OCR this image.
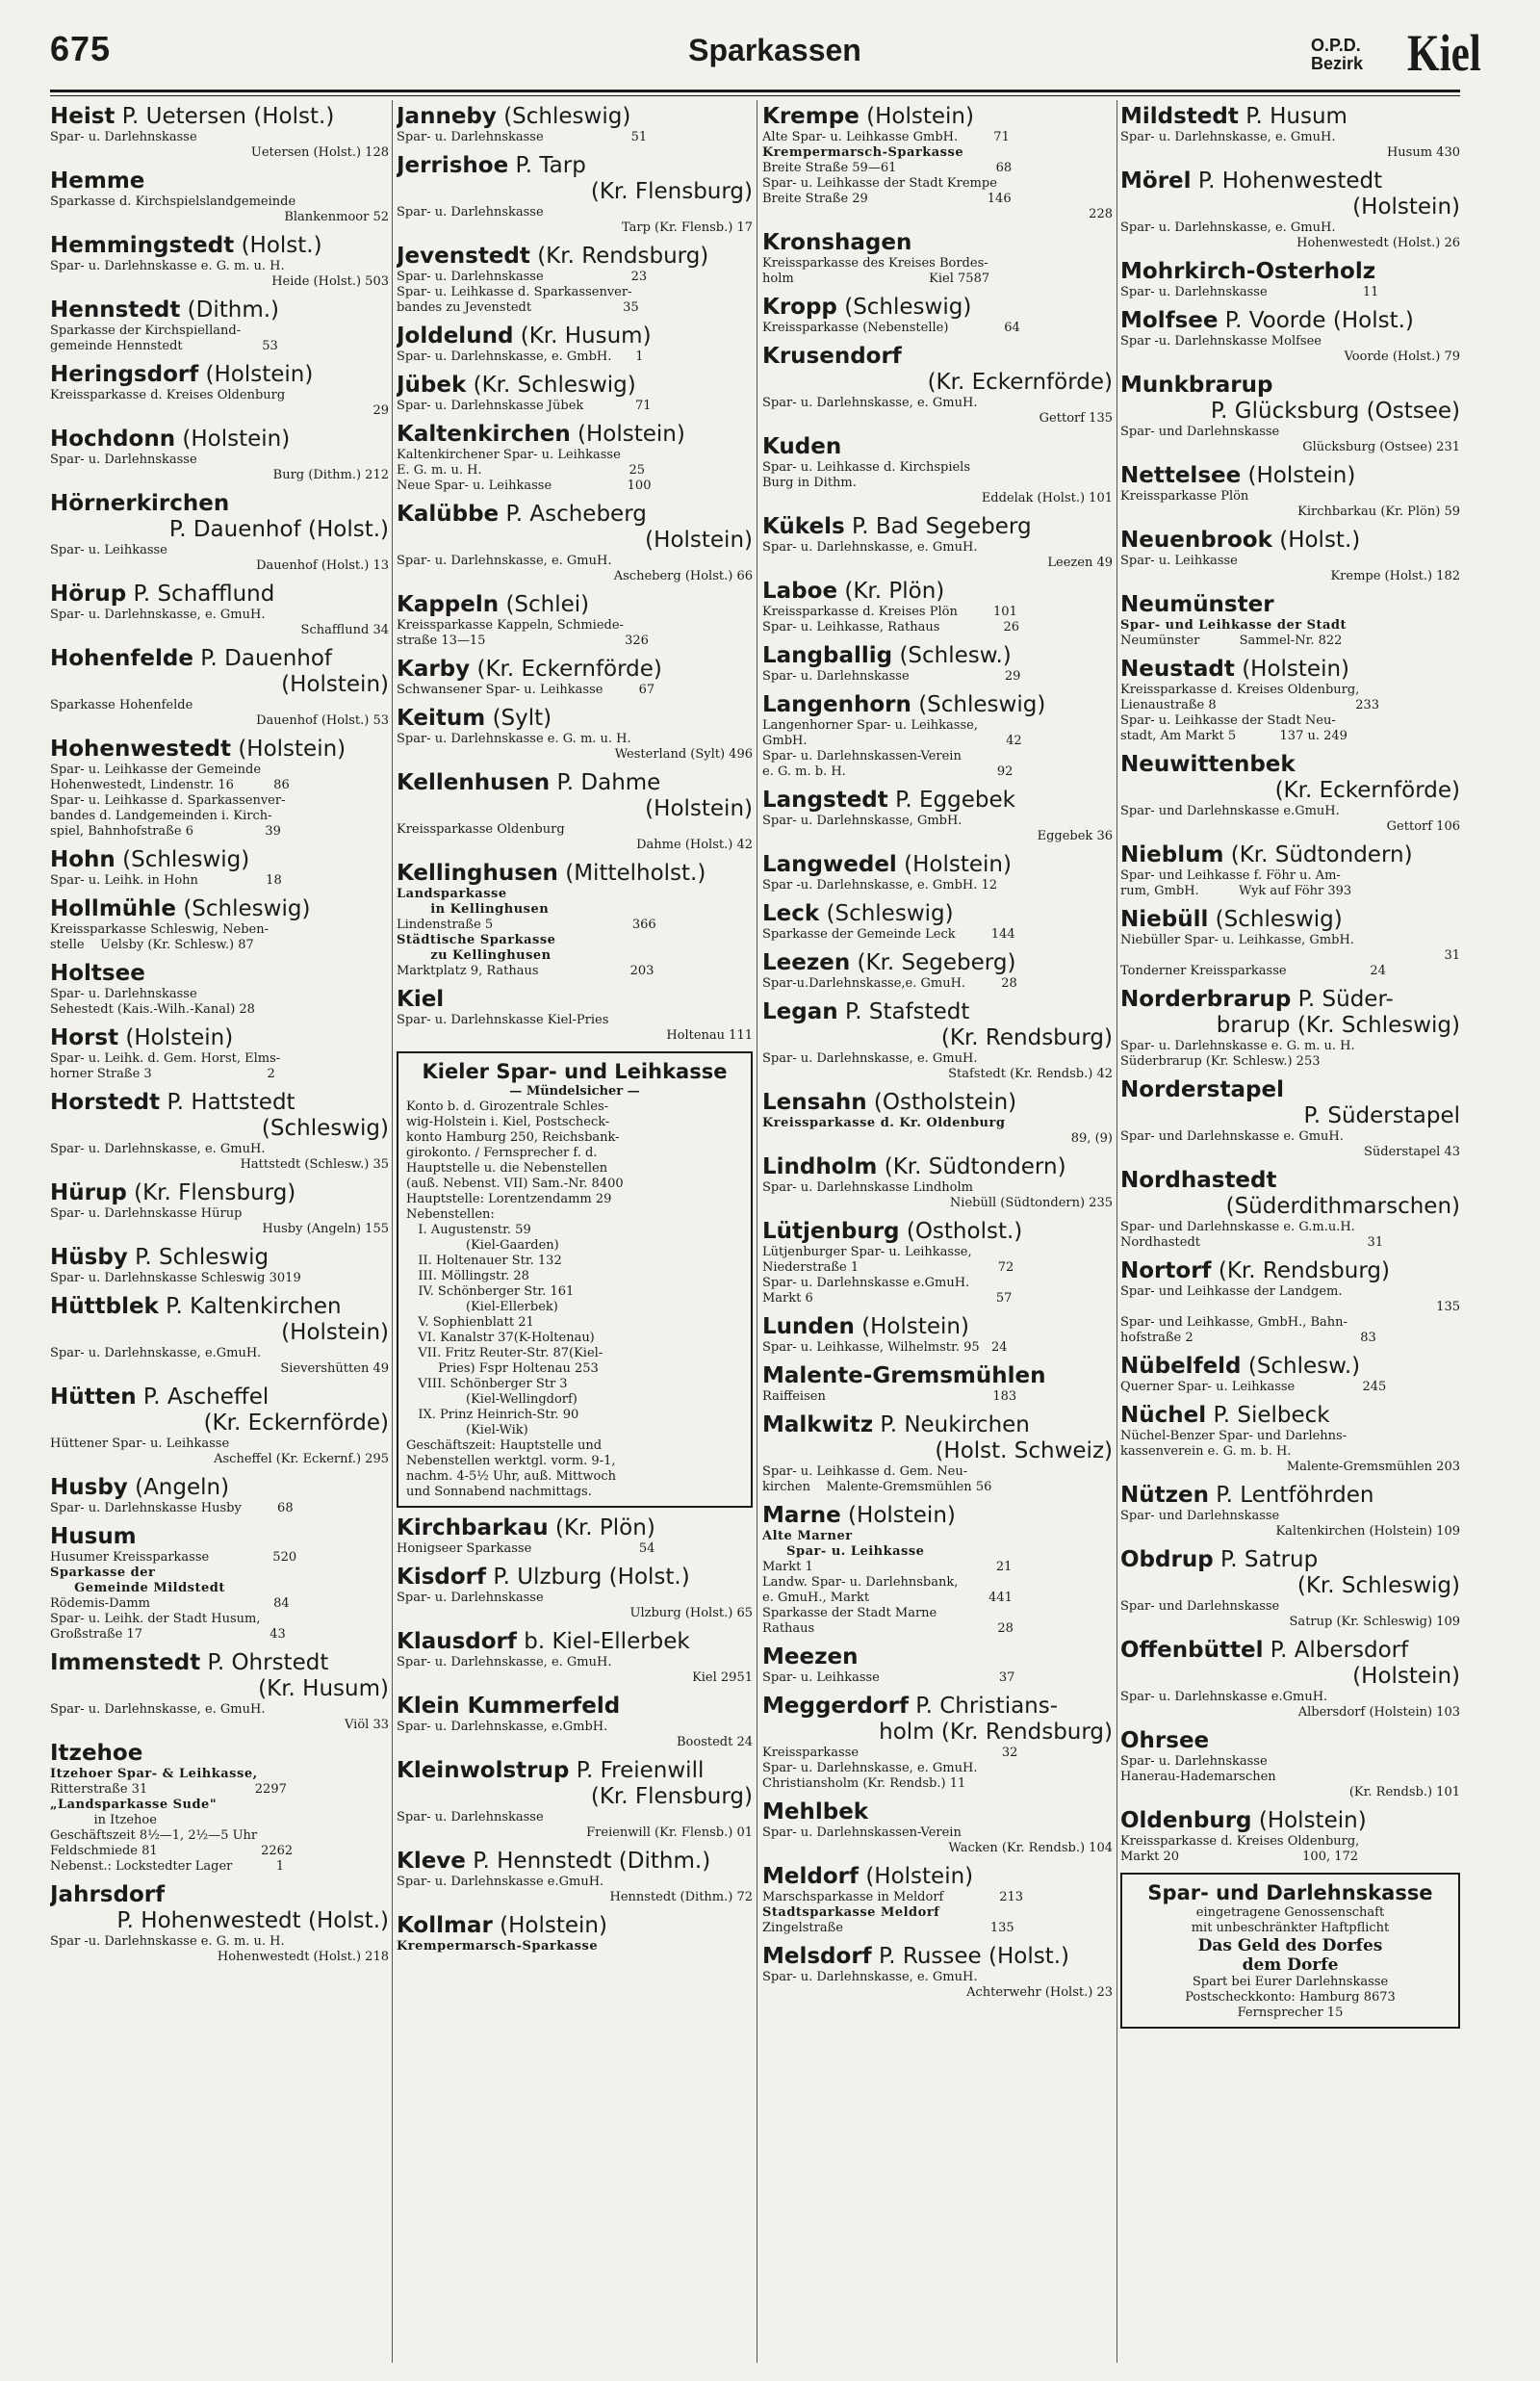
675	Sparkassen	O.P.D.
Bezirk Kiel
Heist P. Uetersen (Holst.)
Spar- u. Darlehnskasse
Uetersen (Holst.) 128
Hemme
Sparkasse d. Kirchspielslandgemeinde
Blankenmoor 52
Hemmingstedt (Holst.)
Spar- u. Darlehnskasse e. G. m. u. H.
Heide (Holst.) 503
Hennstedt (Dithm.)
Sparkasse der Kirchspielland-
gemeinde Hennstedt                    53
Heringsdorf (Holstein)
Kreissparkasse d. Kreises Oldenburg
29
Hochdonn (Holstein)
Spar- u. Darlehnskasse
Burg (Dithm.) 212
Hörnerkirchen
P. Dauenhof (Holst.)
Spar- u. Leihkasse
Dauenhof (Holst.) 13
Hörup P. Schafflund
Spar- u. Darlehnskasse, e. GmuH.
Schafflund 34
Hohenfelde P. Dauenhof
(Holstein)
Sparkasse Hohenfelde
Dauenhof (Holst.) 53
Hohenwestedt (Holstein)
Spar- u. Leihkasse der Gemeinde
Hohenwestedt, Lindenstr. 16          86
Spar- u. Leihkasse d. Sparkassenver-
bandes d. Landgemeinden i. Kirch-
spiel, Bahnhofstraße 6                  39
Hohn (Schleswig)
Spar- u. Leihk. in Hohn                 18
Hollmühle (Schleswig)
Kreissparkasse Schleswig, Neben-
stelle    Uelsby (Kr. Schlesw.) 87
Holtsee
Spar- u. Darlehnskasse
Sehestedt (Kais.-Wilh.-Kanal) 28
Horst (Holstein)
Spar- u. Leihk. d. Gem. Horst, Elms-
horner Straße 3                             2
Horstedt P. Hattstedt
(Schleswig)
Spar- u. Darlehnskasse, e. GmuH.
Hattstedt (Schlesw.) 35
Hürup (Kr. Flensburg)
Spar- u. Darlehnskasse Hürup
Husby (Angeln) 155
Hüsby P. Schleswig
Spar- u. Darlehnskasse Schleswig 3019
Hüttblek P. Kaltenkirchen
(Holstein)
Spar- u. Darlehnskasse, e.GmuH.
Sievershütten 49
Hütten P. Ascheffel
(Kr. Eckernförde)
Hüttener Spar- u. Leihkasse
Ascheffel (Kr. Eckernf.) 295
Husby (Angeln)
Spar- u. Darlehnskasse Husby         68
Husum
Husumer Kreissparkasse                520
Sparkasse der
Gemeinde Mildstedt
Rödemis-Damm                               84
Spar- u. Leihk. der Stadt Husum,
Großstraße 17                                43
Immenstedt P. Ohrstedt
(Kr. Husum)
Spar- u. Darlehnskasse, e. GmuH.
Viöl 33
Itzehoe
Itzehoer Spar- & Leihkasse,
Ritterstraße 31                           2297
„Landsparkasse Sude"
in Itzehoe
Geschäftszeit 8½—1, 2½—5 Uhr
Feldschmiede 81                          2262
Nebenst.: Lockstedter Lager           1
Jahrsdorf
P. Hohenwestedt (Holst.)
Spar -u. Darlehnskasse e. G. m. u. H.
Hohenwestedt (Holst.) 218
Janneby (Schleswig)
Spar- u. Darlehnskasse                      51
Jerrishoe P. Tarp
(Kr. Flensburg)
Spar- u. Darlehnskasse
Tarp (Kr. Flensb.) 17
Jevenstedt (Kr. Rendsburg)
Spar- u. Darlehnskasse                      23
Spar- u. Leihkasse d. Sparkassenver-
bandes zu Jevenstedt                       35
Joldelund (Kr. Husum)
Spar- u. Darlehnskasse, e. GmbH.      1
Jübek (Kr. Schleswig)
Spar- u. Darlehnskasse Jübek             71
Kaltenkirchen (Holstein)
Kaltenkirchener Spar- u. Leihkasse
E. G. m. u. H.                                     25
Neue Spar- u. Leihkasse                   100
Kalübbe P. Ascheberg
(Holstein)
Spar- u. Darlehnskasse, e. GmuH.
Ascheberg (Holst.) 66
Kappeln (Schlei)
Kreissparkasse Kappeln, Schmiede-
straße 13—15                                   326
Karby (Kr. Eckernförde)
Schwansener Spar- u. Leihkasse         67
Keitum (Sylt)
Spar- u. Darlehnskasse e. G. m. u. H.
Westerland (Sylt) 496
Kellenhusen P. Dahme
(Holstein)
Kreissparkasse Oldenburg
Dahme (Holst.) 42
Kellinghusen (Mittelholst.)
Landsparkasse
in Kellinghusen
Lindenstraße 5                                   366
Städtische Sparkasse
zu Kellinghusen
Marktplatz 9, Rathaus                       203
Kiel
Spar- u. Darlehnskasse Kiel-Pries
Holtenau 111
Kieler Spar- und Leihkasse
— Mündelsicher —
Konto b. d. Girozentrale Schles-
wig-Holstein i. Kiel, Postscheck-
konto Hamburg 250, Reichsbank-
girokonto. / Fernsprecher f. d.
Hauptstelle u. die Nebenstellen
(auß. Nebenst. VII) Sam.-Nr. 8400
Hauptstelle: Lorentzendamm 29
Nebenstellen:
I. Augustenstr. 59
(Kiel-Gaarden)
II. Holtenauer Str. 132
III. Möllingstr. 28
IV. Schönberger Str. 161
(Kiel-Ellerbek)
V. Sophienblatt 21
VI. Kanalstr 37(K-Holtenau)
VII. Fritz Reuter-Str. 87(Kiel-
Pries) Fspr Holtenau 253
VIII. Schönberger Str 3
(Kiel-Wellingdorf)
IX. Prinz Heinrich-Str. 90
(Kiel-Wik)
Geschäftszeit: Hauptstelle und
Nebenstellen werktgl. vorm. 9-1,
nachm. 4-5½ Uhr, auß. Mittwoch
und Sonnabend nachmittags.
Kirchbarkau (Kr. Plön)
Honigseer Sparkasse                           54
Kisdorf P. Ulzburg (Holst.)
Spar- u. Darlehnskasse
Ulzburg (Holst.) 65
Klausdorf b. Kiel-Ellerbek
Spar- u. Darlehnskasse, e. GmuH.
Kiel 2951
Klein Kummerfeld
Spar- u. Darlehnskasse, e.GmbH.
Boostedt 24
Kleinwolstrup P. Freienwill
(Kr. Flensburg)
Spar- u. Darlehnskasse
Freienwill (Kr. Flensb.) 01
Kleve P. Hennstedt (Dithm.)
Spar- u. Darlehnskasse e.GmuH.
Hennstedt (Dithm.) 72
Kollmar (Holstein)
Krempermarsch-Sparkasse
Krempe (Holstein)
Alte Spar- u. Leihkasse GmbH.         71
Krempermarsch-Sparkasse
Breite Straße 59—61                         68
Spar- u. Leihkasse der Stadt Krempe
Breite Straße 29                              146
228
Kronshagen
Kreissparkasse des Kreises Bordes-
holm                                  Kiel 7587
Kropp (Schleswig)
Kreissparkasse (Nebenstelle)              64
Krusendorf
(Kr. Eckernförde)
Spar- u. Darlehnskasse, e. GmuH.
Gettorf 135
Kuden
Spar- u. Leihkasse d. Kirchspiels
Burg in Dithm.
Eddelak (Holst.) 101
Kükels P. Bad Segeberg
Spar- u. Darlehnskasse, e. GmuH.
Leezen 49
Laboe (Kr. Plön)
Kreissparkasse d. Kreises Plön         101
Spar- u. Leihkasse, Rathaus                26
Langballig (Schlesw.)
Spar- u. Darlehnskasse                        29
Langenhorn (Schleswig)
Langenhorner Spar- u. Leihkasse,
GmbH.                                                  42
Spar- u. Darlehnskassen-Verein
e. G. m. b. H.                                      92
Langstedt P. Eggebek
Spar- u. Darlehnskasse, GmbH.
Eggebek 36
Langwedel (Holstein)
Spar -u. Darlehnskasse, e. GmbH. 12
Leck (Schleswig)
Sparkasse der Gemeinde Leck         144
Leezen (Kr. Segeberg)
Spar-u.Darlehnskasse,e. GmuH.         28
Legan P. Stafstedt
(Kr. Rendsburg)
Spar- u. Darlehnskasse, e. GmuH.
Stafstedt (Kr. Rendsb.) 42
Lensahn (Ostholstein)
Kreissparkasse d. Kr. Oldenburg
89, (9)
Lindholm (Kr. Südtondern)
Spar- u. Darlehnskasse Lindholm
Niebüll (Südtondern) 235
Lütjenburg (Ostholst.)
Lütjenburger Spar- u. Leihkasse,
Niederstraße 1                                   72
Spar- u. Darlehnskasse e.GmuH.
Markt 6                                              57
Lunden (Holstein)
Spar- u. Leihkasse, Wilhelmstr. 95   24
Malente-Gremsmühlen
Raiffeisen                                          183
Malkwitz P. Neukirchen
(Holst. Schweiz)
Spar- u. Leihkasse d. Gem. Neu-
kirchen    Malente-Gremsmühlen 56
Marne (Holstein)
Alte Marner
Spar- u. Leihkasse
Markt 1                                              21
Landw. Spar- u. Darlehnsbank,
e. GmuH., Markt                              441
Sparkasse der Stadt Marne
Rathaus                                              28
Meezen
Spar- u. Leihkasse                              37
Meggerdorf P. Christians-
holm (Kr. Rendsburg)
Kreissparkasse                                    32
Spar- u. Darlehnskasse, e. GmuH.
Christiansholm (Kr. Rendsb.) 11
Mehlbek
Spar- u. Darlehnskassen-Verein
Wacken (Kr. Rendsb.) 104
Meldorf (Holstein)
Marschsparkasse in Meldorf              213
Stadtsparkasse Meldorf
Zingelstraße                                     135
Melsdorf P. Russee (Holst.)
Spar- u. Darlehnskasse, e. GmuH.
Achterwehr (Holst.) 23
Mildstedt P. Husum
Spar- u. Darlehnskasse, e. GmuH.
Husum 430
Mörel P. Hohenwestedt
(Holstein)
Spar- u. Darlehnskasse, e. GmuH.
Hohenwestedt (Holst.) 26
Mohrkirch-Osterholz
Spar- u. Darlehnskasse                        11
Molfsee P. Voorde (Holst.)
Spar -u. Darlehnskasse Molfsee
Voorde (Holst.) 79
Munkbrarup
P. Glücksburg (Ostsee)
Spar- und Darlehnskasse
Glücksburg (Ostsee) 231
Nettelsee (Holstein)
Kreissparkasse Plön
Kirchbarkau (Kr. Plön) 59
Neuenbrook (Holst.)
Spar- u. Leihkasse
Krempe (Holst.) 182
Neumünster
Spar- und Leihkasse der Stadt
Neumünster          Sammel-Nr. 822
Neustadt (Holstein)
Kreissparkasse d. Kreises Oldenburg,
Lienaustraße 8                                   233
Spar- u. Leihkasse der Stadt Neu-
stadt, Am Markt 5           137 u. 249
Neuwittenbek
(Kr. Eckernförde)
Spar- und Darlehnskasse e.GmuH.
Gettorf 106
Nieblum (Kr. Südtondern)
Spar- und Leihkasse f. Föhr u. Am-
rum, GmbH.          Wyk auf Föhr 393
Niebüll (Schleswig)
Niebüller Spar- u. Leihkasse, GmbH.
31
Tonderner Kreissparkasse                     24
Norderbrarup P. Süder-
brarup (Kr. Schleswig)
Spar- u. Darlehnskasse e. G. m. u. H.
Süderbrarup (Kr. Schlesw.) 253
Norderstapel
P. Süderstapel
Spar- und Darlehnskasse e. GmuH.
Süderstapel 43
Nordhastedt
(Süderdithmarschen)
Spar- und Darlehnskasse e. G.m.u.H.
Nordhastedt                                          31
Nortorf (Kr. Rendsburg)
Spar- und Leihkasse der Landgem.
135
Spar- und Leihkasse, GmbH., Bahn-
hofstraße 2                                          83
Nübelfeld (Schlesw.)
Querner Spar- u. Leihkasse                 245
Nüchel P. Sielbeck
Nüchel-Benzer Spar- und Darlehns-
kassenverein e. G. m. b. H.
Malente-Gremsmühlen 203
Nützen P. Lentföhrden
Spar- und Darlehnskasse
Kaltenkirchen (Holstein) 109
Obdrup P. Satrup
(Kr. Schleswig)
Spar- und Darlehnskasse
Satrup (Kr. Schleswig) 109
Offenbüttel P. Albersdorf
(Holstein)
Spar- u. Darlehnskasse e.GmuH.
Albersdorf (Holstein) 103
Ohrsee
Spar- u. Darlehnskasse
Hanerau-Hademarschen
(Kr. Rendsb.) 101
Oldenburg (Holstein)
Kreissparkasse d. Kreises Oldenburg,
Markt 20                               100, 172
Spar- und Darlehnskasse
eingetragene Genossenschaft
mit unbeschränkter Haftpflicht
Das Geld des Dorfes
dem Dorfe
Spart bei Eurer Darlehnskasse
Postscheckkonto: Hamburg 8673
Fernsprecher 15
